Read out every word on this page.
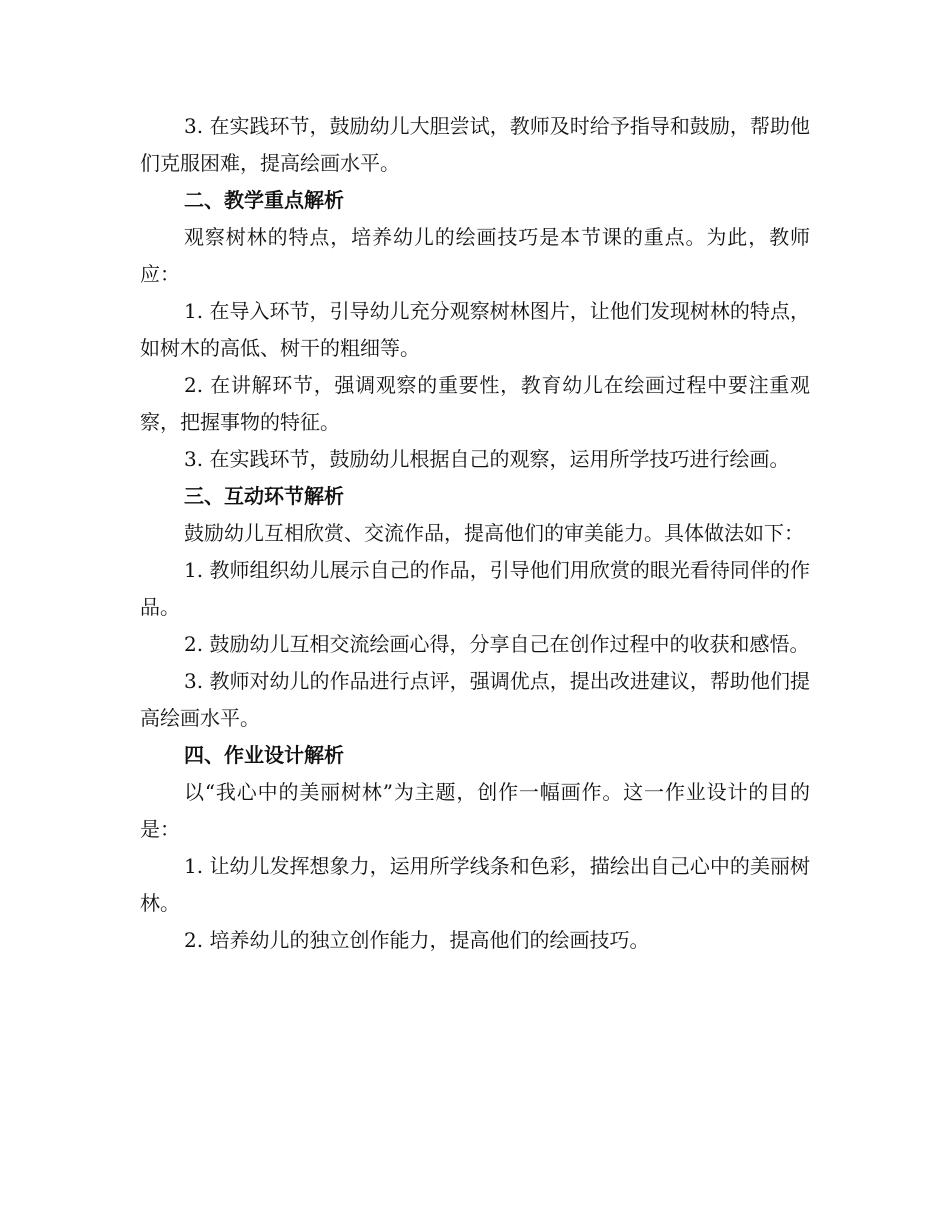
3. 在实践环节，鼓励幼儿大胆尝试，教师及时给予指导和鼓励，帮助他们克服困难，提高绘画水平。

二、教学重点解析

观察树林的特点，培养幼儿的绘画技巧是本节课的重点。为此，教师应：

1. 在导入环节，引导幼儿充分观察树林图片，让他们发现树林的特点，如树木的高低、树干的粗细等。

2. 在讲解环节，强调观察的重要性，教育幼儿在绘画过程中要注重观察，把握事物的特征。

3. 在实践环节，鼓励幼儿根据自己的观察，运用所学技巧进行绘画。

三、互动环节解析

鼓励幼儿互相欣赏、交流作品，提高他们的审美能力。具体做法如下：

1. 教师组织幼儿展示自己的作品，引导他们用欣赏的眼光看待同伴的作品。

2. 鼓励幼儿互相交流绘画心得，分享自己在创作过程中的收获和感悟。

3. 教师对幼儿的作品进行点评，强调优点，提出改进建议，帮助他们提高绘画水平。

四、作业设计解析

以“我心中的美丽树林”为主题，创作一幅画作。这一作业设计的目的是：

1. 让幼儿发挥想象力，运用所学线条和色彩，描绘出自己心中的美丽树林。

2. 培养幼儿的独立创作能力，提高他们的绘画技巧。
